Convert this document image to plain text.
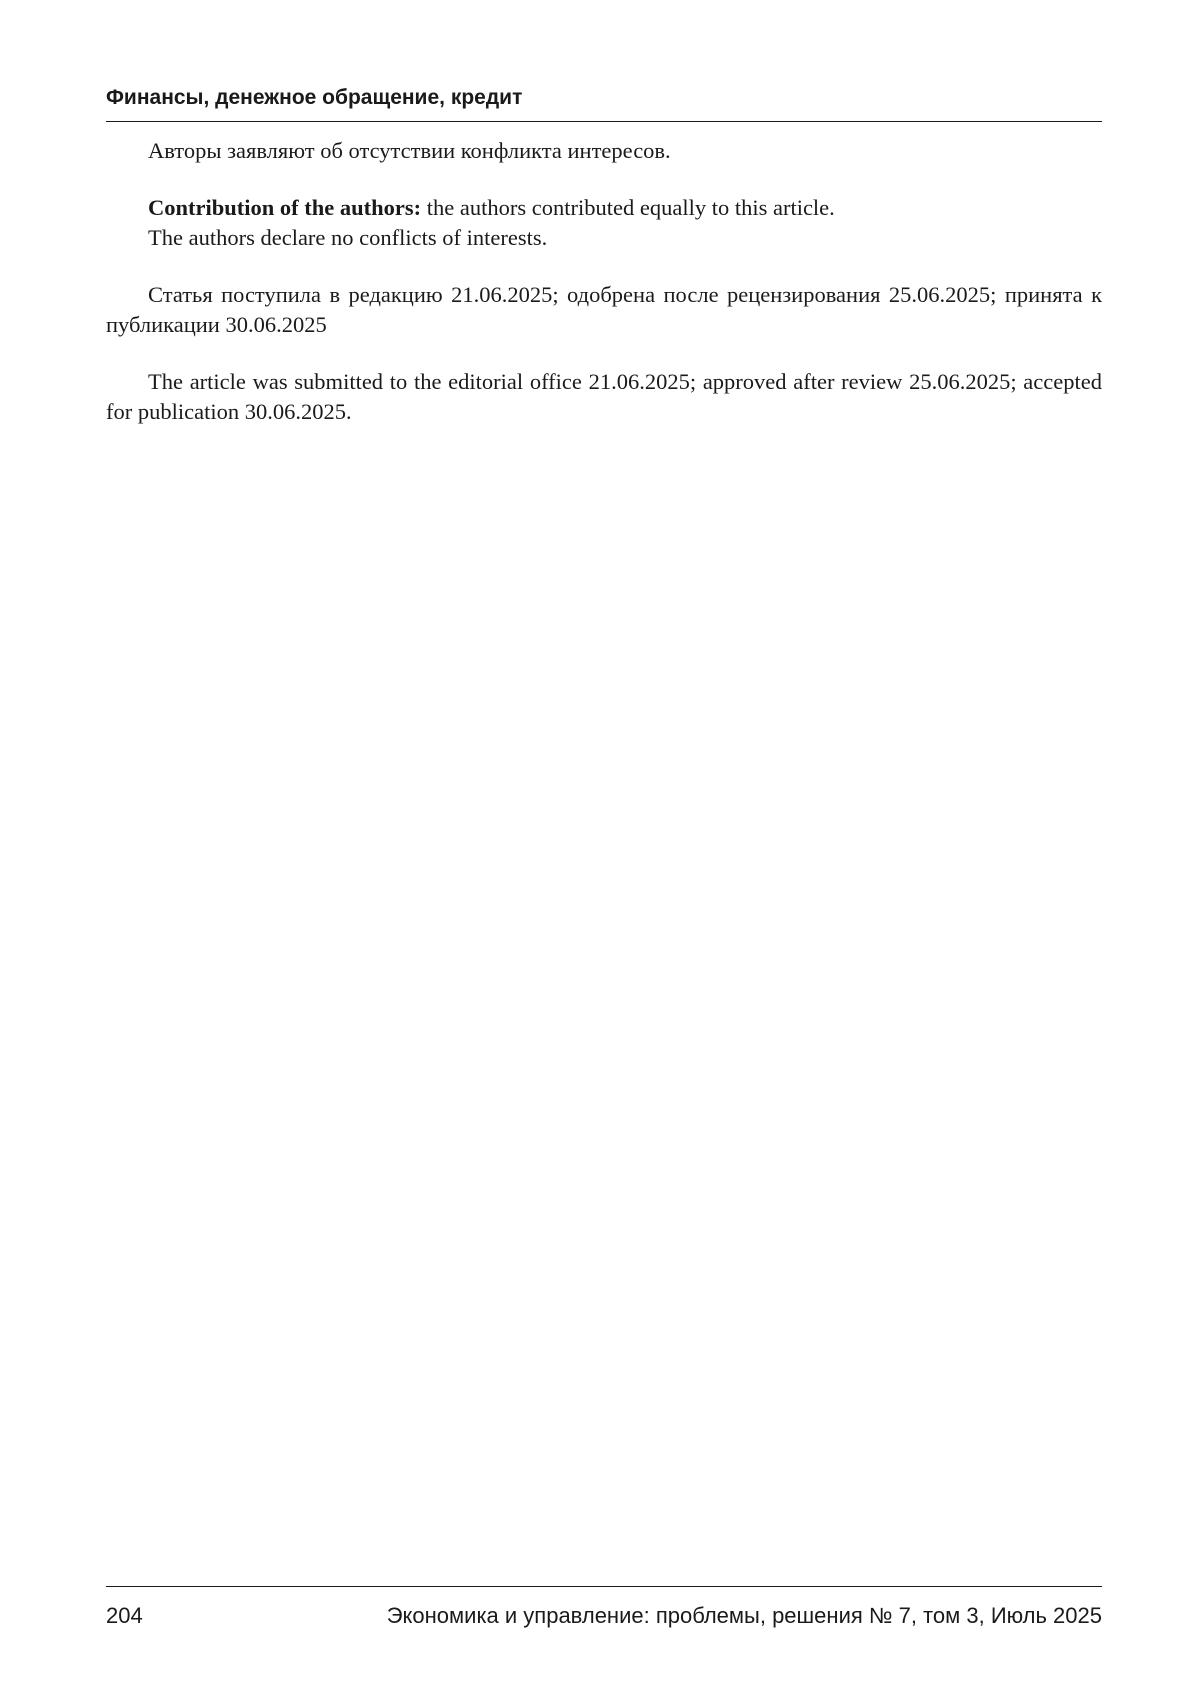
Финансы, денежное обращение, кредит

Авторы заявляют об отсутствии конфликта интересов.

Contribution of the authors: the authors contributed equally to this article.

The authors declare no conflicts of interests.

Статья поступила в редакцию 21.06.2025; одобрена после рецензирования 25.06.2025; принята к публикации 30.06.2025

The article was submitted to the editorial office 21.06.2025; approved after review 25.06.2025; accepted for publication 30.06.2025.

204	Экономика и управление: проблемы, решения № 7, том 3, Июль 2025
